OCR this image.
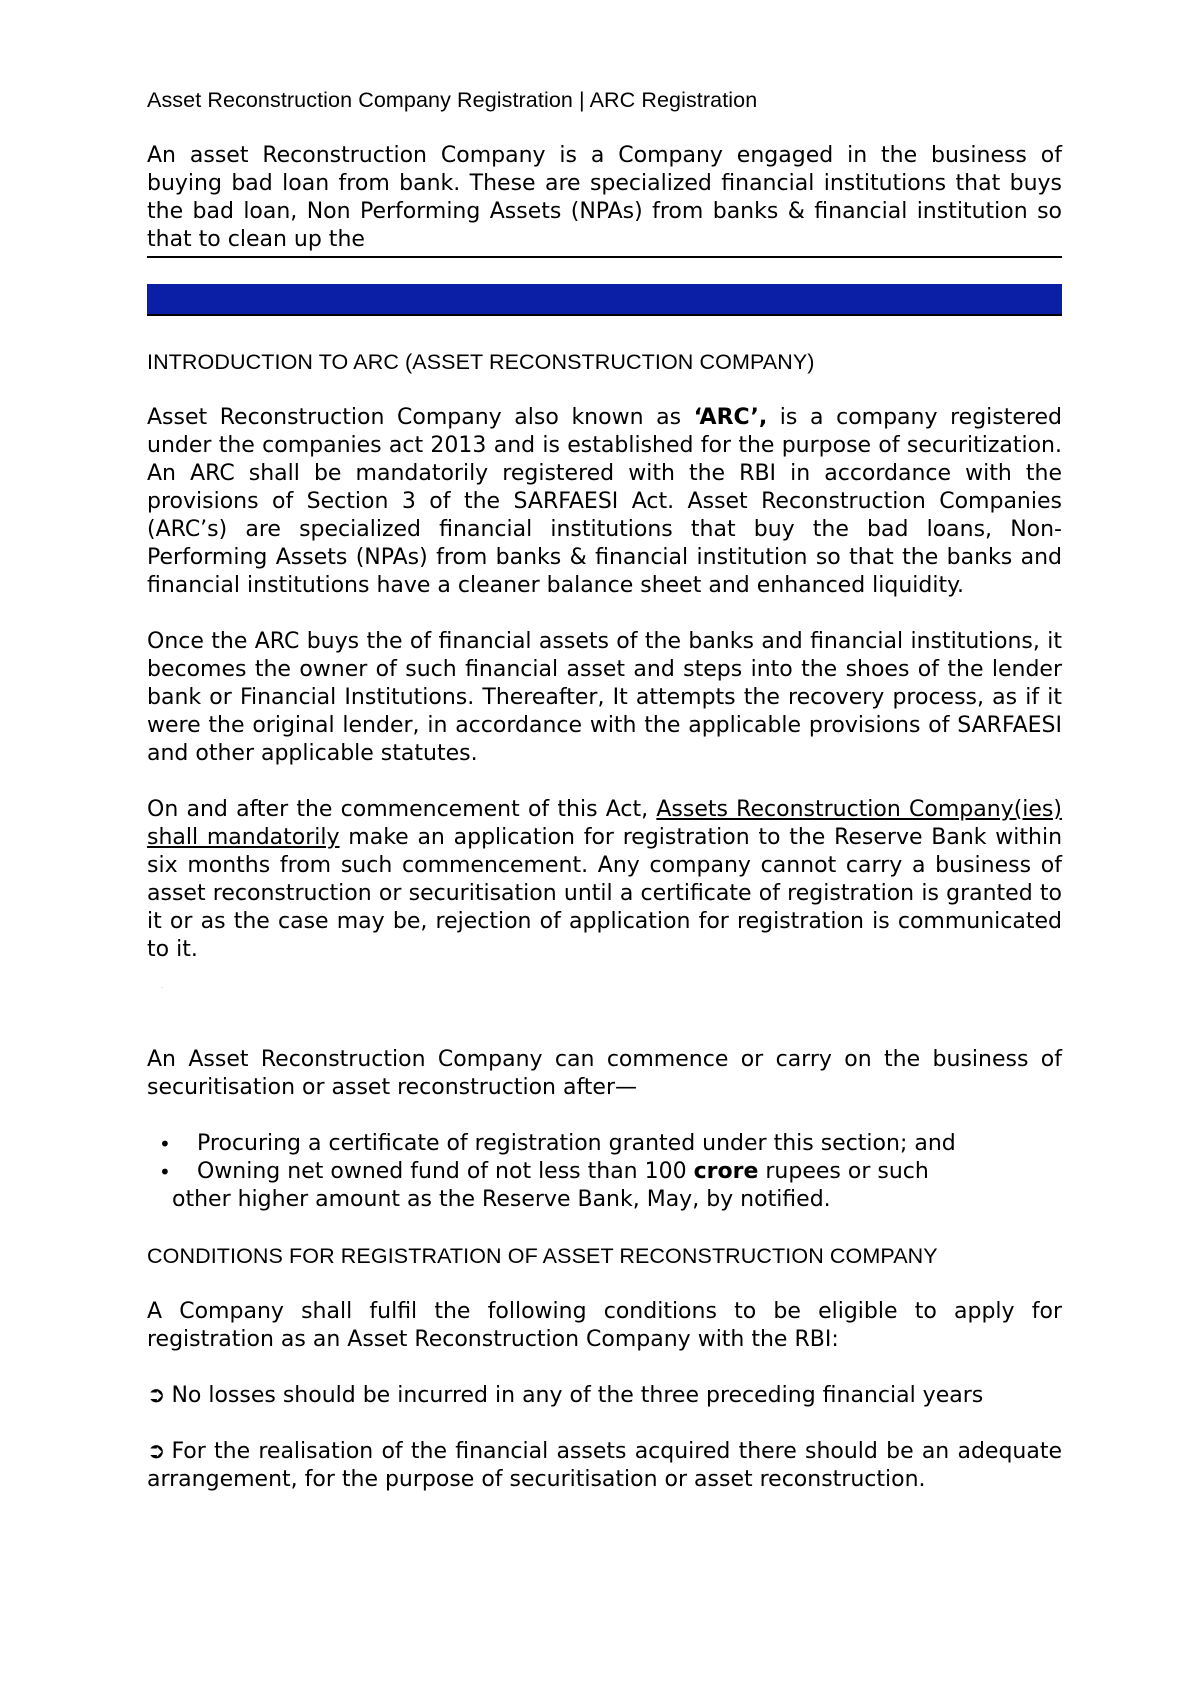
Asset Reconstruction Company Registration | ARC Registration

An asset Reconstruction Company is a Company engaged in the business of buying bad loan from bank. These are specialized financial institutions that buys the bad loan, Non Performing Assets (NPAs) from banks & financial institution so that to clean up the

INTRODUCTION TO ARC (ASSET RECONSTRUCTION COMPANY)

Asset Reconstruction Company also known as ‘ARC’, is a company registered under the companies act 2013 and is established for the purpose of securitization. An ARC shall be mandatorily registered with the RBI in accordance with the provisions of Section 3 of the SARFAESI Act. Asset Reconstruction Companies (ARC’s) are specialized financial institutions that buy the bad loans, Non-Performing Assets (NPAs) from banks & financial institution so that the banks and financial institutions have a cleaner balance sheet and enhanced liquidity.

Once the ARC buys the of financial assets of the banks and financial institutions, it becomes the owner of such financial asset and steps into the shoes of the lender bank or Financial Institutions. Thereafter, It attempts the recovery process, as if it were the original lender, in accordance with the applicable provisions of SARFAESI and other applicable statutes.

On and after the commencement of this Act, Assets Reconstruction Company(ies) shall mandatorily make an application for registration to the Reserve Bank within six months from such commencement. Any company cannot carry a business of asset reconstruction or securitisation until a certificate of registration is granted to it or as the case may be, rejection of application for registration is communicated to it.

·

An Asset Reconstruction Company can commence or carry on the business of securitisation or asset reconstruction after—

• Procuring a certificate of registration granted under this section; and
• Owning net owned fund of not less than 100 crore rupees or such
other higher amount as the Reserve Bank, May, by notified.
CONDITIONS FOR REGISTRATION OF ASSET RECONSTRUCTION COMPANY

A Company shall fulfil the following conditions to be eligible to apply for registration as an Asset Reconstruction Company with the RBI:

➲ No losses should be incurred in any of the three preceding financial years

➲ For the realisation of the financial assets acquired there should be an adequate arrangement, for the purpose of securitisation or asset reconstruction.
